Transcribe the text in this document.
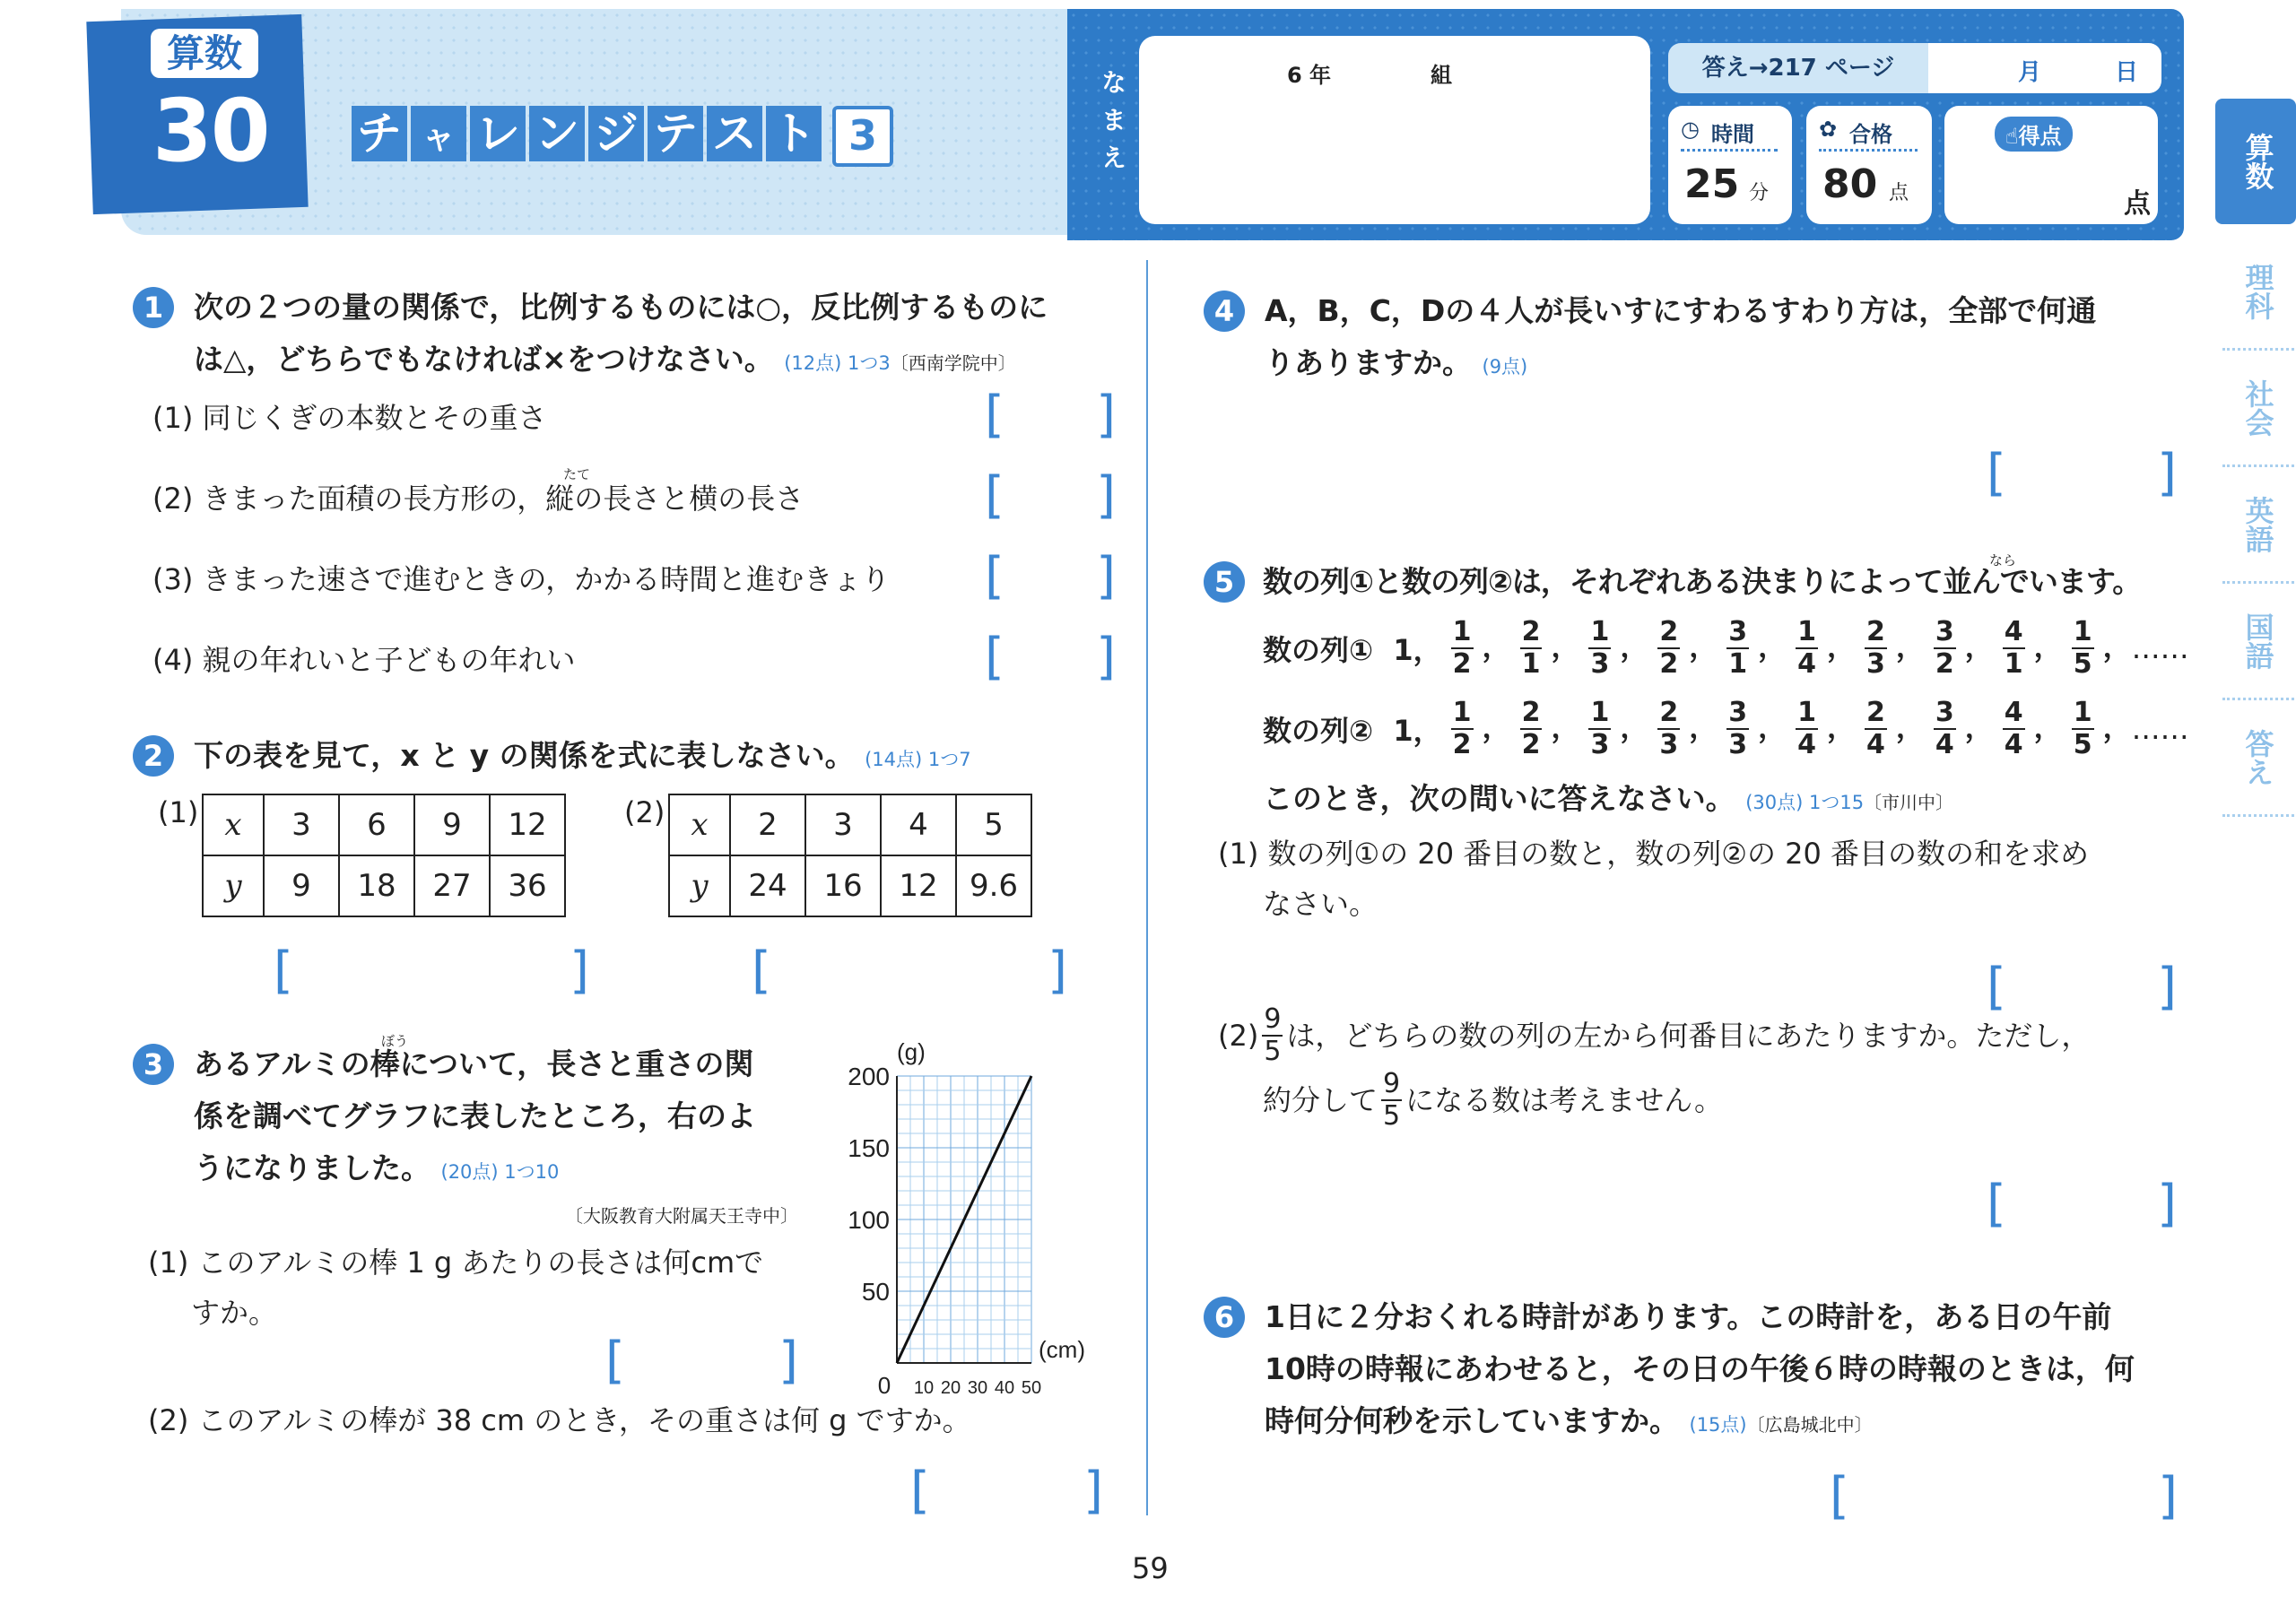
算数
30 チ ャ レ ン ジ テ ス ト 3	なまえ	6 年	組	答え→217 ページ	月	日
◷ 時間
25 分
✿ 合格
80 点
☝得点
点
算数
理科
社会
英語
国語
答え
1	次の２つの量の関係で，比例するものには○，反比例するものに
は△，どちらでもなければ×をつけなさい。 (12点) 1つ3〔西南学院中〕
(1) 同じくぎの本数とその重さ
(2) きまった面積の長方形の，縦の長さと横の長さ
たて
(3) きまった速さで進むときの，かかる時間と進むきょり
(4) 親の年れいと子どもの年れい
[ ]
[ ]
[ ]
[ ]
2	下の表を見て，x と y の関係を式に表しなさい。 (14点) 1つ7
(1) x	3	6	9	12
y	9	18	27	36
(2) x	2	3	4	5
y	24	16	12	9.6
[	]	[	]
3
ぼう
あるアルミの棒について，長さと重さの関
係を調べてグラフに表したところ，右のよ
うになりました。 (20点) 1つ10
〔大阪教育大附属天王寺中〕
(1) このアルミの棒 1 g あたりの長さは何cmで
すか。
[	]
(2) このアルミの棒が 38 cm のとき，その重さは何 g ですか。
[	]
50
100
150
200
0 10 20 30 40 50
(g)
(cm)
4	A，B，C，Dの４人が長いすにすわるすわり方は，全部で何通
りありますか。 (9点)
[	]
5
なら
数の列①と数の列②は，それぞれある決まりによって並んでいます。
数の列①
1， $\frac{1}{2}$ ， $\frac{2}{1}$ ， $\frac{1}{3}$ ， $\frac{2}{2}$ ， $\frac{3}{1}$ ， $\frac{1}{4}$ ， $\frac{2}{3}$ ， $\frac{3}{2}$ ， $\frac{4}{1}$ ， $\frac{1}{5}$ ， ……
数の列②
1， $\frac{1}{2}$ ， $\frac{2}{2}$ ， $\frac{1}{3}$ ， $\frac{2}{3}$ ， $\frac{3}{3}$ ， $\frac{1}{4}$ ， $\frac{2}{4}$ ， $\frac{3}{4}$ ， $\frac{4}{4}$ ， $\frac{1}{5}$ ， ……
このとき，次の問いに答えなさい。 (30点) 1つ15〔市川中〕
(1) 数の列①の 20 番目の数と，数の列②の 20 番目の数の和を求め
なさい。
[	]
$(2) \frac{9}{5}$ は，どちらの数の列の左から何番目にあたりますか。ただし，
約分して $\frac{9}{5}$ になる数は考えません。
[	]
6	1日に２分おくれる時計があります。この時計を，ある日の午前
10時の時報にあわせると，その日の午後６時の時報のときは，何
時何分何秒を示していますか。 (15点)〔広島城北中〕
[	]
59
